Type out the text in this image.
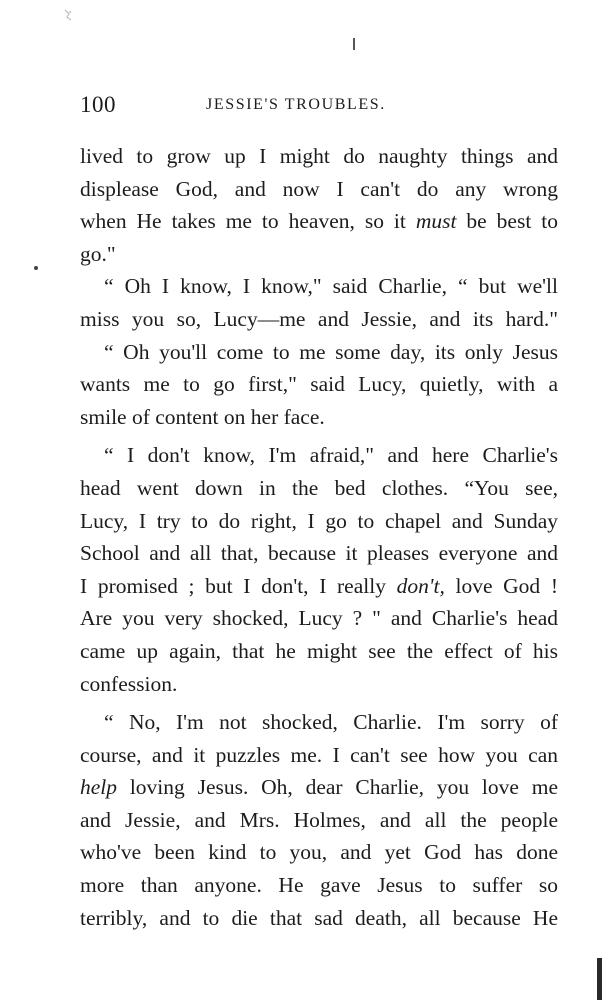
100	JESSIE'S TROUBLES.
lived to grow up I might do naughty things and
displease God, and now I can't do any wrong
when He takes me to heaven, so it must be best to
go."
“ Oh I know, I know," said Charlie, “ but we'll
miss you so, Lucy—me and Jessie, and its hard."
“ Oh you'll come to me some day, its only Jesus
wants me to go first," said Lucy, quietly, with a
smile of content on her face.
“ I don't know, I'm afraid," and here Charlie's
head went down in the bed clothes. “You see,
Lucy, I try to do right, I go to chapel and Sunday
School and all that, because it pleases everyone and
I promised ; but I don't, I really don't, love God !
Are you very shocked, Lucy ? " and Charlie's head
came up again, that he might see the effect of his
confession.
“ No, I'm not shocked, Charlie. I'm sorry of
course, and it puzzles me. I can't see how you can
help loving Jesus. Oh, dear Charlie, you love me
and Jessie, and Mrs. Holmes, and all the people
who've been kind to you, and yet God has done
more than anyone. He gave Jesus to suffer so
terribly, and to die that sad death, all because He
